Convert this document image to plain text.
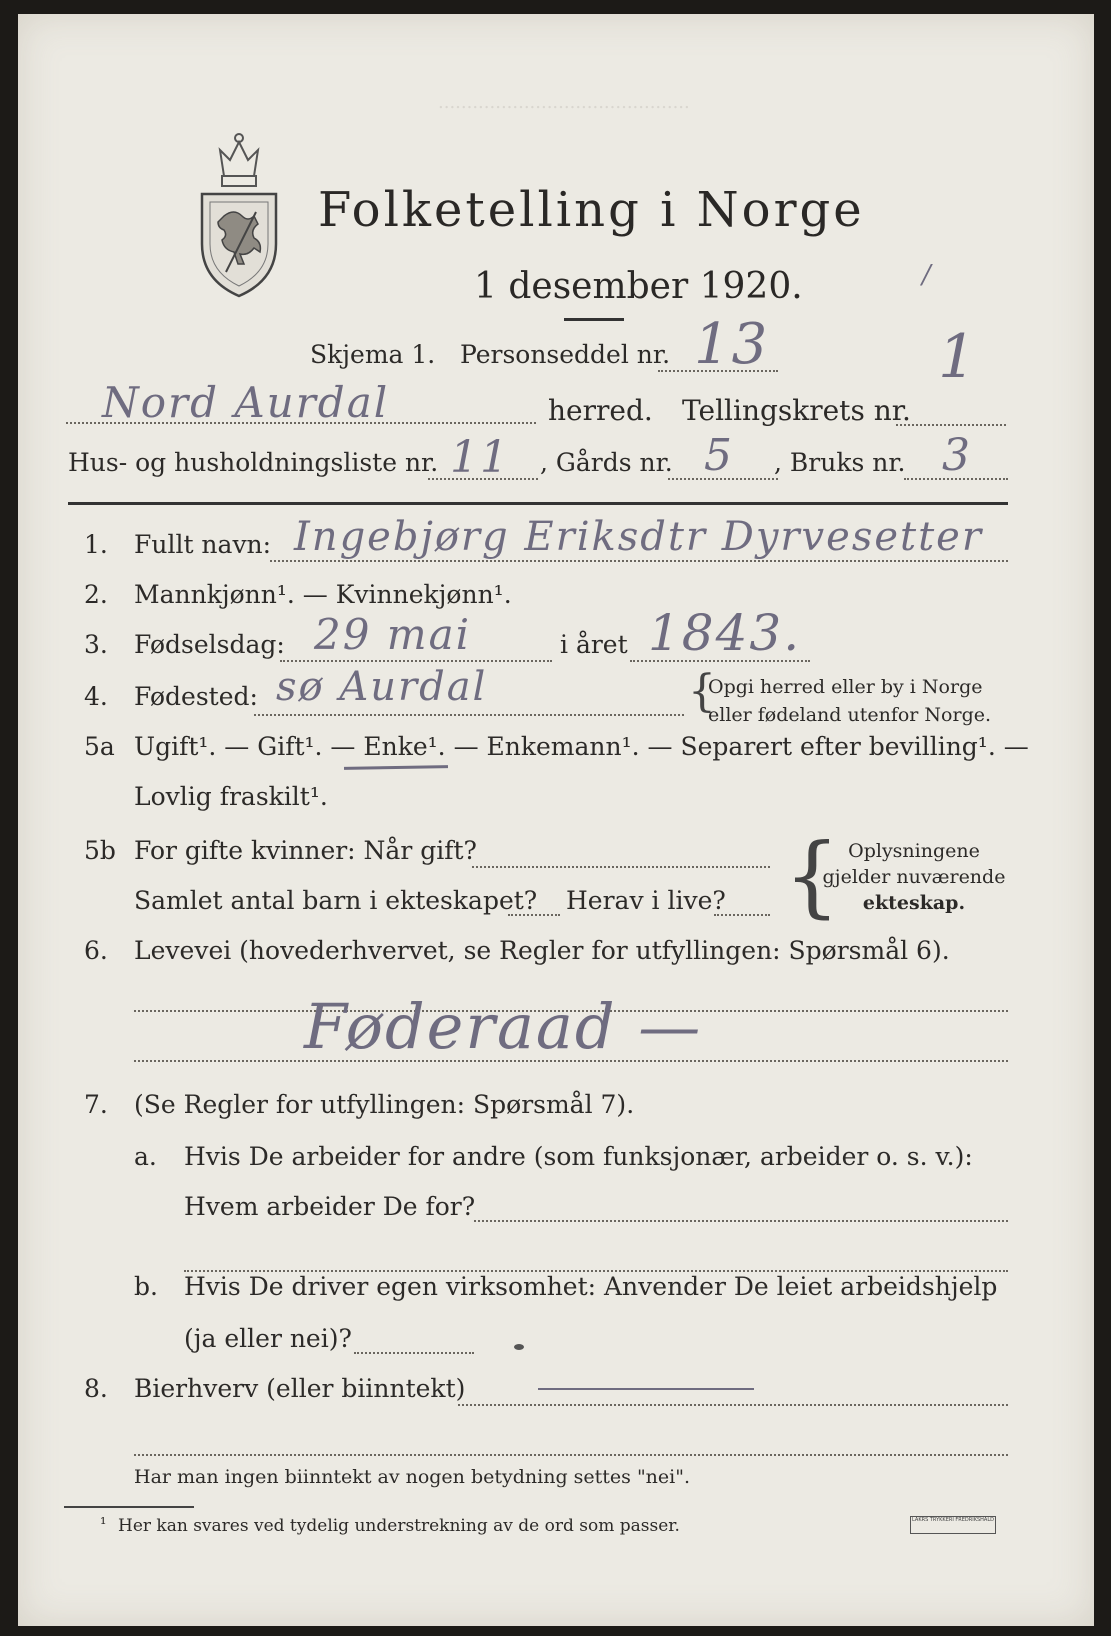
............................................
Folketelling i Norge
1 desember 1920.	/
Skjema 1. Personseddel nr. 13	1
Nord Aurdal	herred. Tellingskrets nr.
Hus- og husholdningsliste nr. 11 , Gårds nr. 5 , Bruks nr. 3
1. Fullt navn: Ingebjørg Eriksdtr Dyrvesetter
2. Mannkjønn¹. — Kvinnekjønn¹.
3. Fødselsdag: 29 mai	i året 1843.
4. Fødested: sø Aurdal	{
Opgi herred eller by i Norge
eller fødeland utenfor Norge.
5a Ugift¹. — Gift¹. — Enke¹. — Enkemann¹. — Separert efter bevilling¹. —
Lovlig fraskilt¹.
5b For gifte kvinner: Når gift?
Samlet antal barn i ekteskapet? Herav i live? { Oplysningene
gjelder nuværende
ekteskap.
6. Levevei (hovederhvervet, se Regler for utfyllingen: Spørsmål 6).
Føderaad —
7. (Se Regler for utfyllingen: Spørsmål 7).
a. Hvis De arbeider for andre (som funksjonær, arbeider o. s. v.):
Hvem arbeider De for?
b. Hvis De driver egen virksomhet: Anvender De leiet arbeidshjelp
(ja eller nei)?
8. Bierhverv (eller biinntekt)
Har man ingen biinntekt av nogen betydning settes "nei".
¹ Her kan svares ved tydelig understrekning av de ord som passer.	LAKRS TRYKKERI FREDRIKSHALD
